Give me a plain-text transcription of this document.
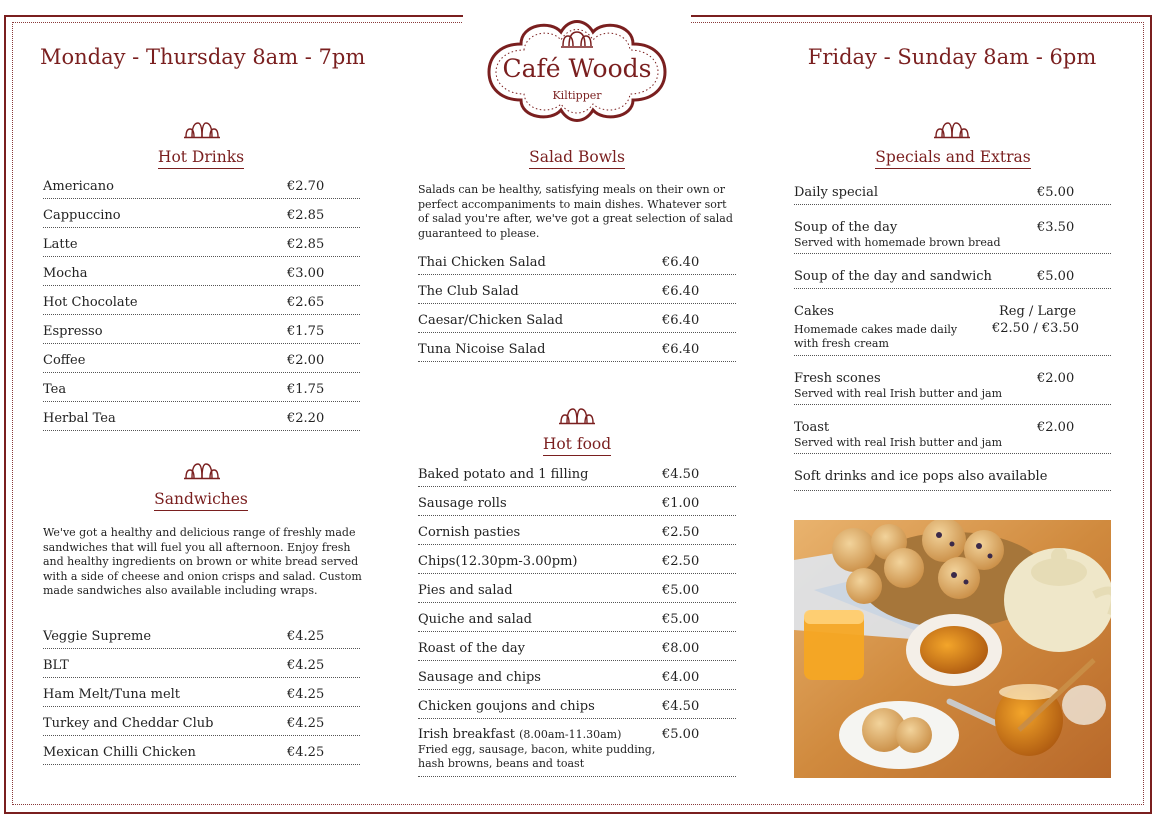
Café Woods
Kiltipper
Monday - Thursday 8am - 7pm	Friday - Sunday 8am - 6pm
Hot Drinks
Sandwiches
Salad Bowls
Hot food
Specials and Extras
Americano	€2.70
Cappuccino	€2.85
Latte	€2.85
Mocha	€3.00
Hot Chocolate	€2.65
Espresso	€1.75
Coffee	€2.00
Tea	€1.75
Herbal Tea	€2.20
We've got a healthy and delicious range of freshly made
sandwiches that will fuel you all afternoon. Enjoy fresh
and healthy ingredients on brown or white bread served
with a side of cheese and onion crisps and salad. Custom
made sandwiches also available including wraps.
Veggie Supreme	€4.25
BLT	€4.25
Ham Melt/Tuna melt	€4.25
Turkey and Cheddar Club	€4.25
Mexican Chilli Chicken	€4.25
Salads can be healthy, satisfying meals on their own or
perfect accompaniments to main dishes. Whatever sort
of salad you're after, we've got a great selection of salad
guaranteed to please.
Thai Chicken Salad	€6.40
The Club Salad	€6.40
Caesar/Chicken Salad	€6.40
Tuna Nicoise Salad	€6.40
Baked potato and 1 filling	€4.50
Sausage rolls	€1.00
Cornish pasties	€2.50
Chips(12.30pm-3.00pm)	€2.50
Pies and salad	€5.00
Quiche and salad	€5.00
Roast of the day	€8.00
Sausage and chips	€4.00
Chicken goujons and chips	€4.50
Irish breakfast (8.00am-11.30am)	€5.00
Fried egg, sausage, bacon, white pudding,
hash browns, beans and toast
Daily special	€5.00
Soup of the day	€3.50
Served with homemade brown bread
Soup of the day and sandwich	€5.00
Cakes	Reg / Large
€2.50 / €3.50
Homemade cakes made daily
with fresh cream
Fresh scones	€2.00
Served with real Irish butter and jam
Toast	€2.00
Served with real Irish butter and jam
Soft drinks and ice pops also available
